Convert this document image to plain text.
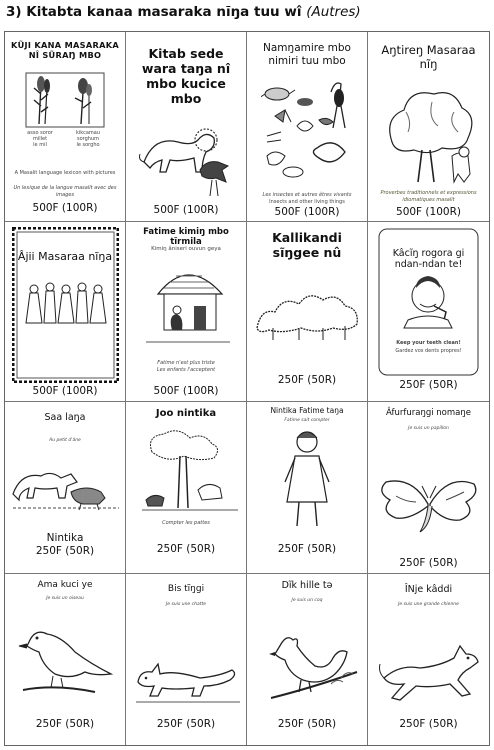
3) Kitabta kanaa masaraka nĩŋa tuu wî (Autres)
KŨJI KANA MASARAKA NÎ SŨRAŊ MBO
asso soror
millet
le mil
kikcamau
sorghum
le sorgho
A Masalit language lexicon with pictures
Un lexique de la langue masalit avec des images
500F (100R)
Kitab sede wara taŋa nî mbo kucice mbo
500F (100R)
Namŋamire mbo nimiri tuu mbo
Les insectes et autres êtres vivants
Insects and other living things
500F (100R)
Aŋtireŋ Masaraa nĩŋ
Proverbes traditionnels et expressions idiomatiques masalit
500F (100R)
Âjii Masaraa nĩŋa
500F (100R)
Fatime kimiŋ mbo tĩrmila
Kimiŋ âniseri ouvun geya
Fatime n'est plus triste
Les enfants l'acceptent
500F (100R)
Kallikandi sĩŋgee nû
250F (50R)
Kâcĩŋ rogora gi ndan-ndan te!
Keep your teeth clean!
Gardez vos dents propres!
250F (50R)
Saa laŋa
Au petit d'âne
Nintika
250F (50R)
Joo nintika
Compter les pattes
250F (50R)
Nintika Fatime taŋa
Fatime sait compter
250F (50R)
Âfurfuraŋgi nomaŋe
Je suis un papillon
250F (50R)
Ama kuci ye
Je suis un oiseau
250F (50R)
Bis tĩŋgi
Je suis une chatte
250F (50R)
Dĩk hille tə
Je suis un coq
250F (50R)
ÎNje kâddi
Je suis une grande chienne
250F (50R)
